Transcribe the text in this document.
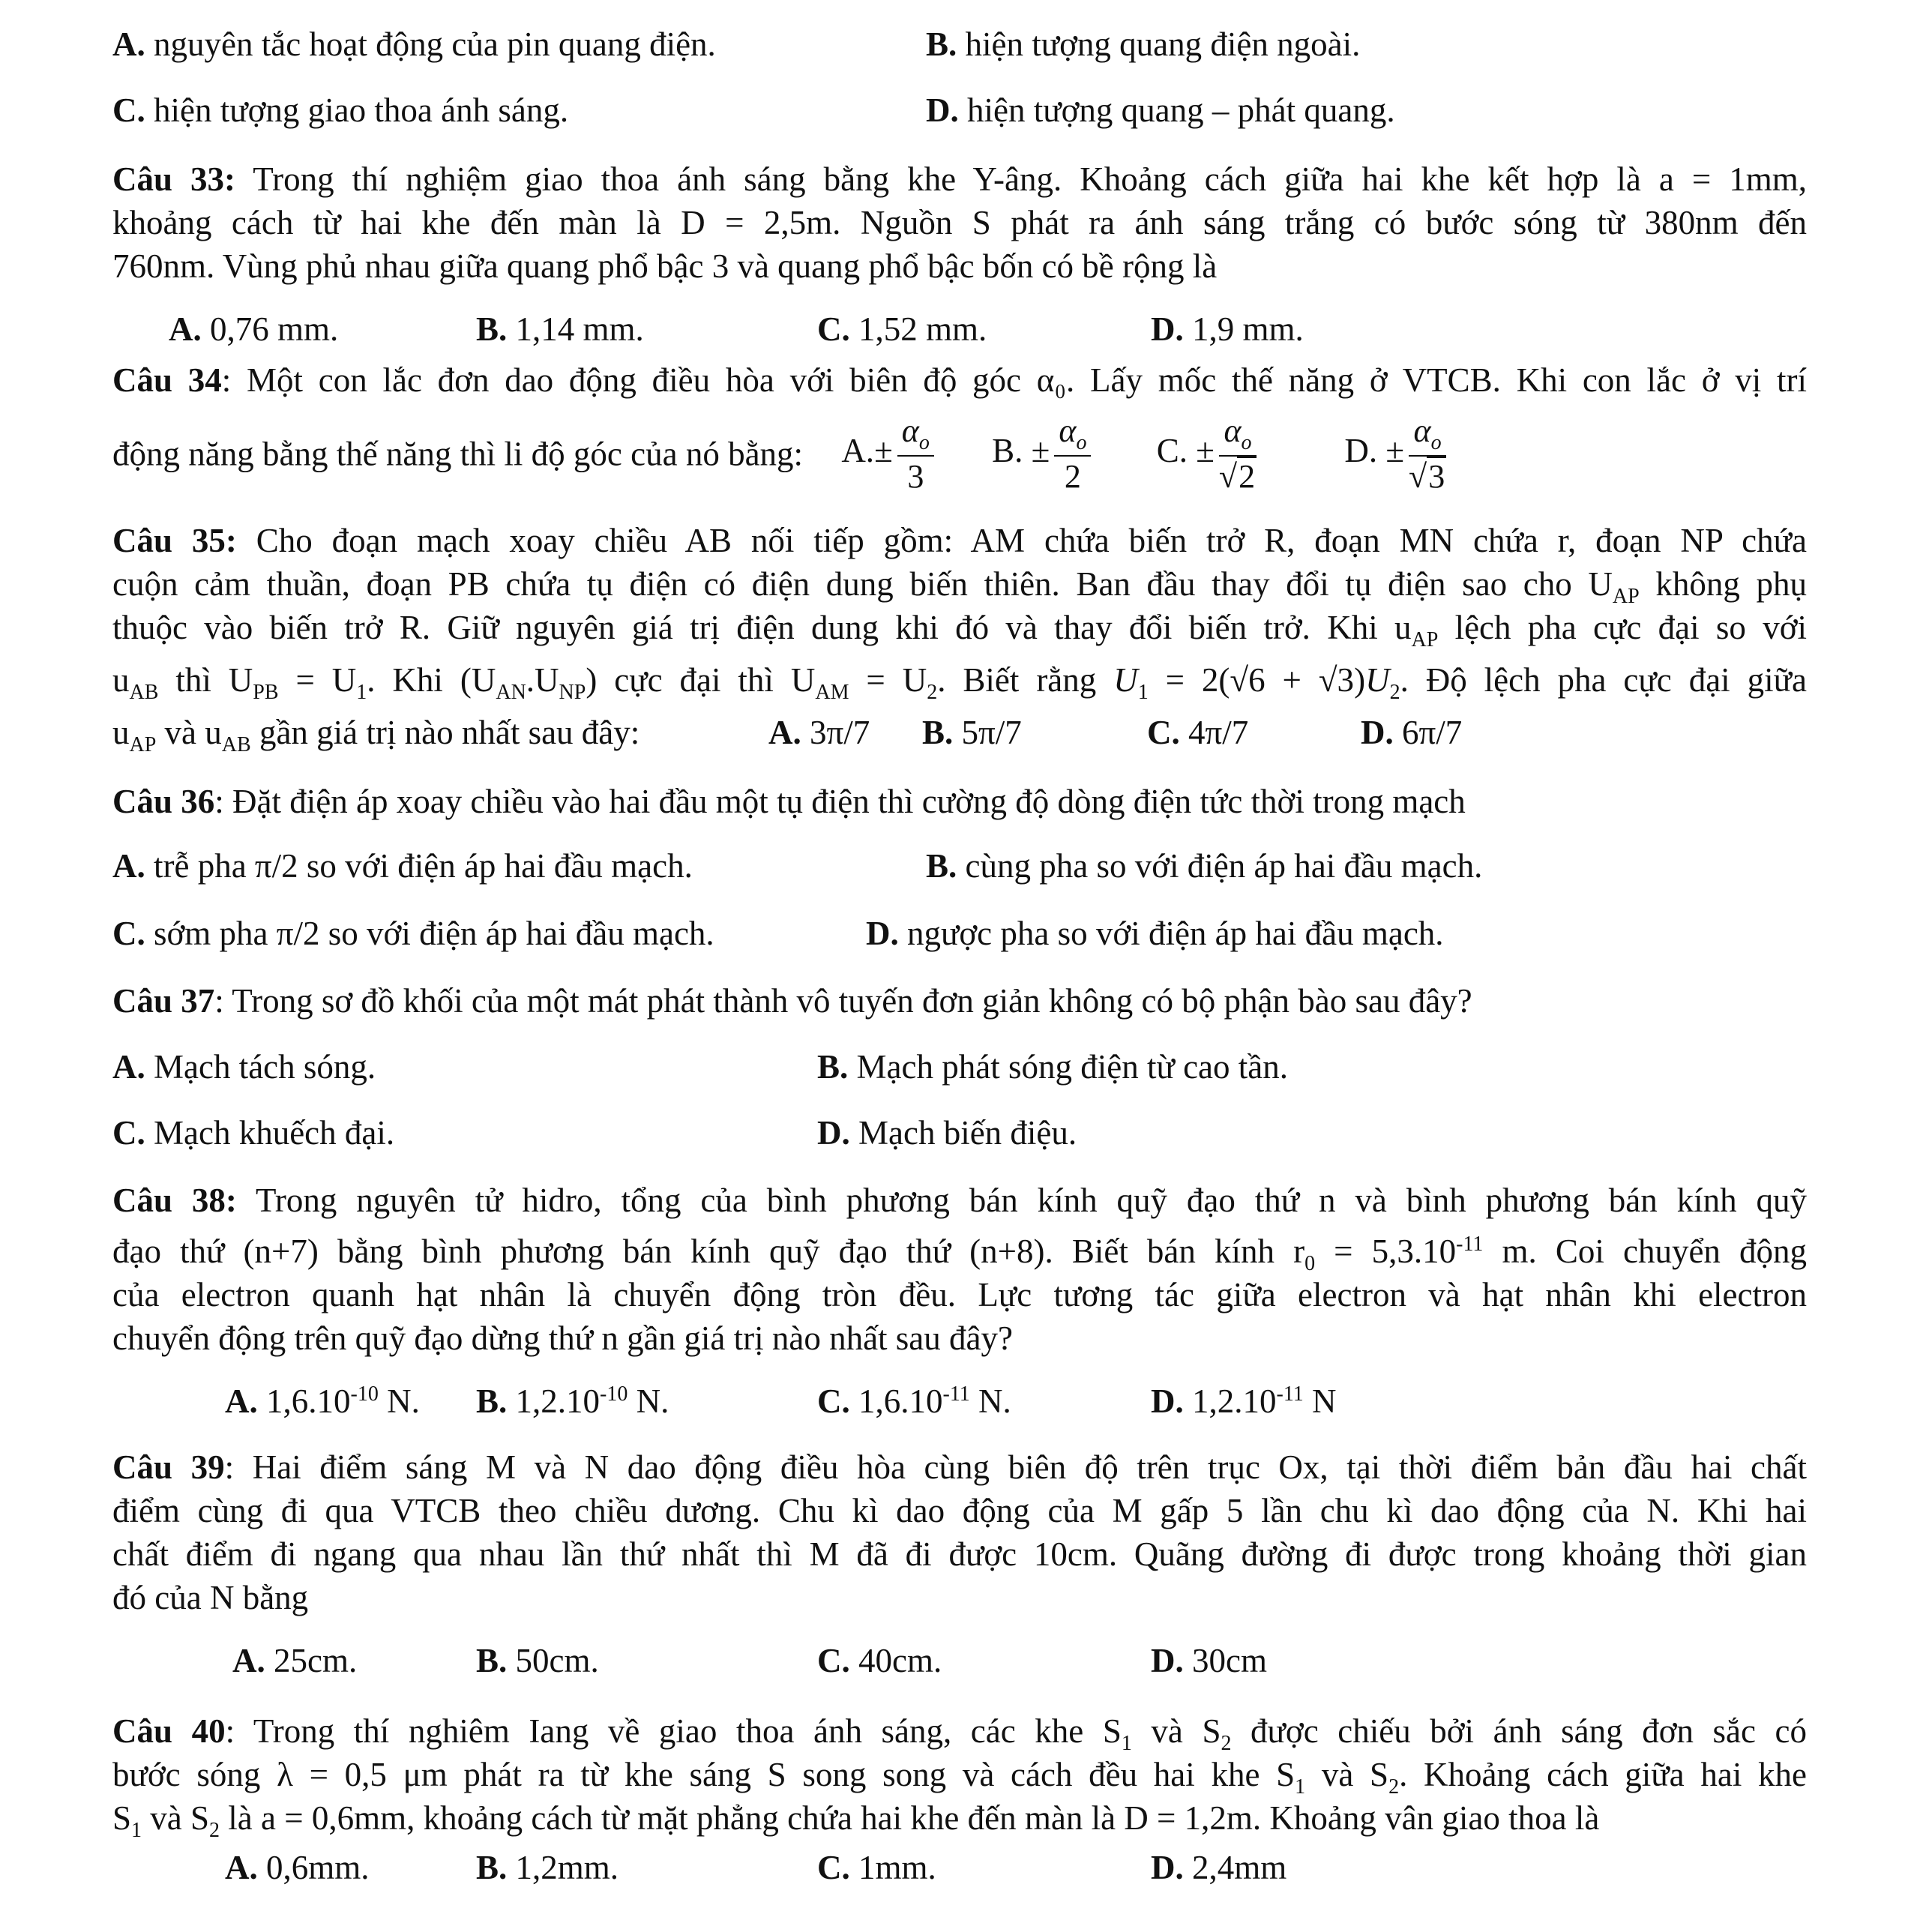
A. nguyên tắc hoạt động của pin quang điện.	B. hiện tượng quang điện ngoài.
C. hiện tượng giao thoa ánh sáng.	D. hiện tượng quang – phát quang.
Câu 33: Trong thí nghiệm giao thoa ánh sáng bằng khe Y-âng. Khoảng cách giữa hai khe kết hợp là a = 1mm,
khoảng cách từ hai khe đến màn là D = 2,5m. Nguồn S phát ra ánh sáng trắng có bước sóng từ 380nm đến
760nm. Vùng phủ nhau giữa quang phổ bậc 3 và quang phổ bậc bốn có bề rộng là
A. 0,76 mm.	B. 1,14 mm.	C. 1,52 mm.	D. 1,9 mm.
Câu 34: Một con lắc đơn dao động điều hòa với biên độ góc α₀. Lấy mốc thế năng ở VTCB. Khi con lắc ở vị trí
động năng bằng thế năng thì li độ góc của nó bằng: $A.\pm \frac{\alpha_o}{3} B$. ± $\frac{\alpha_o}{2} C$. ± $\frac{\alpha_o}{√2}$	D. ± $\frac{\alpha_o}{√3}$
Câu 35: Cho đoạn mạch xoay chiều AB nối tiếp gồm: AM chứa biến trở R, đoạn MN chứa r, đoạn NP chứa
cuộn cảm thuần, đoạn PB chứa tụ điện có điện dung biến thiên. Ban đầu thay đổi tụ điện sao cho $U_{AP}$ không phụ
thuộc vào biến trở R. Giữ nguyên giá trị điện dung khi đó và thay đổi biến trở. Khi $u_{AP}$ lệch pha cực đại so với
$u_{AB}$ thì $U_{PB} = U_1$. Khi $(U_{AN}.U_{NP})$ cực đại thì $U_{AM} = U_2$. Biết rằng $U_1 = 2(√6 + √3)U_2$. Độ lệch pha cực đại giữa
$u_{AP}$ và $u_{AB}$ gần giá trị nào nhất sau đây:	A. 3π/7 B. 5π/7	C. 4π/7	D. 6π/7
Câu 36: Đặt điện áp xoay chiều vào hai đầu một tụ điện thì cường độ dòng điện tức thời trong mạch
A. trễ pha π/2 so với điện áp hai đầu mạch.	B. cùng pha so với điện áp hai đầu mạch.
C. sớm pha π/2 so với điện áp hai đầu mạch.	D. ngược pha so với điện áp hai đầu mạch.
Câu 37: Trong sơ đồ khối của một mát phát thành vô tuyến đơn giản không có bộ phận bào sau đây?
A. Mạch tách sóng.	B. Mạch phát sóng điện từ cao tần.
C. Mạch khuếch đại.	D. Mạch biến điệu.
Câu 38: Trong nguyên tử hidro, tổng của bình phương bán kính quỹ đạo thứ n và bình phương bán kính quỹ
đạo thứ (n+7) bằng bình phương bán kính quỹ đạo thứ (n+8). Biết bán kính $r_0 = 5,3.10^{-11}$ m. Coi chuyển động
của electron quanh hạt nhân là chuyển động tròn đều. Lực tương tác giữa electron và hạt nhân khi electron
chuyển động trên quỹ đạo dừng thứ n gần giá trị nào nhất sau đây?
A. $1,6.10^{-10}$ N. B. $1,2.10^{-10}$ N.	C. $1,6.10^{-11}$ N.	D. $1,2.10^{-11}$ N
Câu 39: Hai điểm sáng M và N dao động điều hòa cùng biên độ trên trục Ox, tại thời điểm bản đầu hai chất
điểm cùng đi qua VTCB theo chiều dương. Chu kì dao động của M gấp 5 lần chu kì dao động của N. Khi hai
chất điểm đi ngang qua nhau lần thứ nhất thì M đã đi được 10cm. Quãng đường đi được trong khoảng thời gian
đó của N bằng
A. 25cm.	B. 50cm.	C. 40cm.	D. 30cm
Câu 40: Trong thí nghiêm Iang về giao thoa ánh sáng, các khe $S_1$ và $S_2$ được chiếu bởi ánh sáng đơn sắc có
bước sóng λ = 0,5 μm phát ra từ khe sáng S song song và cách đều hai khe $S_1$ và $S_2$. Khoảng cách giữa hai khe
$S_1$ và $S_2$ là a = 0,6mm, khoảng cách từ mặt phẳng chứa hai khe đến màn là D = 1,2m. Khoảng vân giao thoa là
A. 0,6mm.	B. 1,2mm.	C. 1mm.	D. 2,4mm
